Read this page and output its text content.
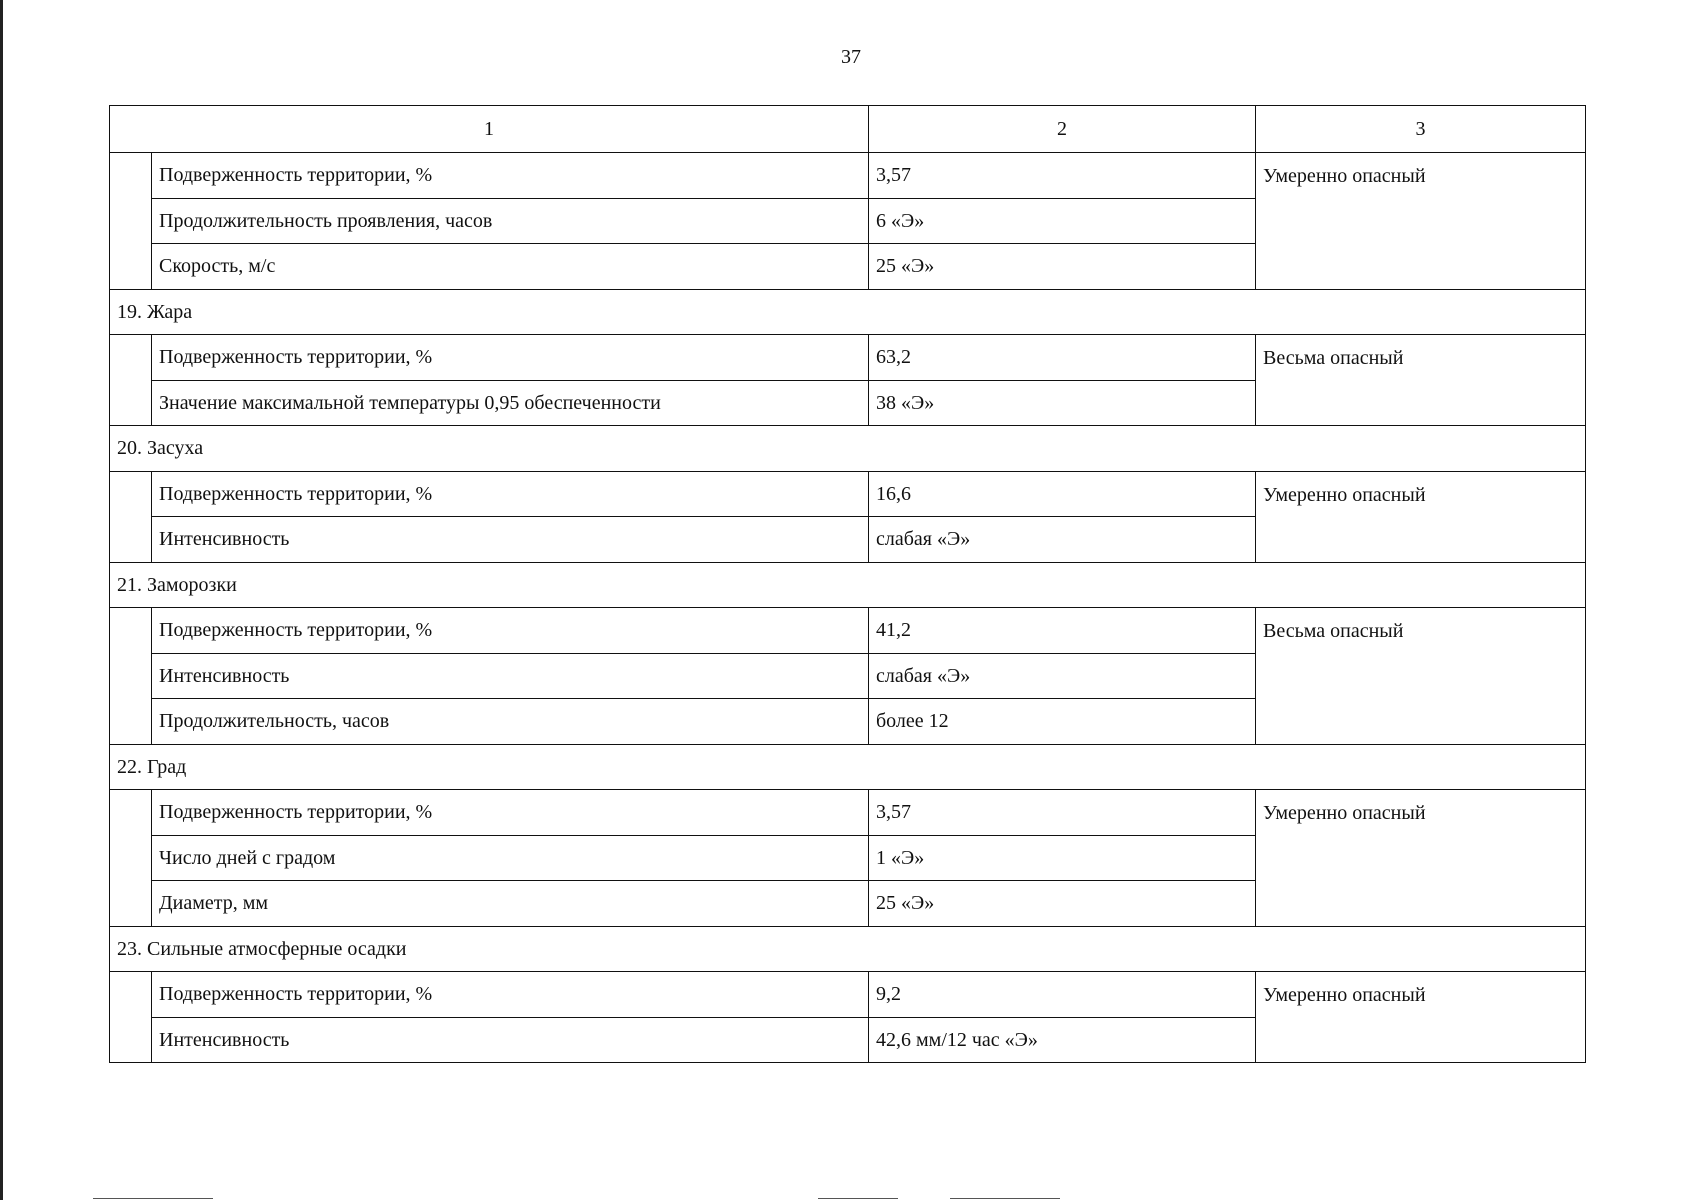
37
1		2	3
	Подверженность территории, %	3,57	Умеренно опасный
	Продолжительность проявления, часов	6 «Э»	
	Скорость, м/с	25 «Э»	
19. Жара			
	Подверженность территории, %	63,2	Весьма опасный
	Значение максимальной температуры 0,95 обеспеченности	38 «Э»	
20. Засуха			
	Подверженность территории, %	16,6	Умеренно опасный
	Интенсивность	слабая «Э»	
21. Заморозки			
	Подверженность территории, %	41,2	Весьма опасный
	Интенсивность	слабая «Э»	
	Продолжительность, часов	более 12	
22. Град			
	Подверженность территории, %	3,57	Умеренно опасный
	Число дней с градом	1 «Э»	
	Диаметр, мм	25 «Э»	
23. Сильные атмосферные осадки			
	Подверженность территории, %	9,2	Умеренно опасный
	Интенсивность	42,6 мм/12 час «Э»	
